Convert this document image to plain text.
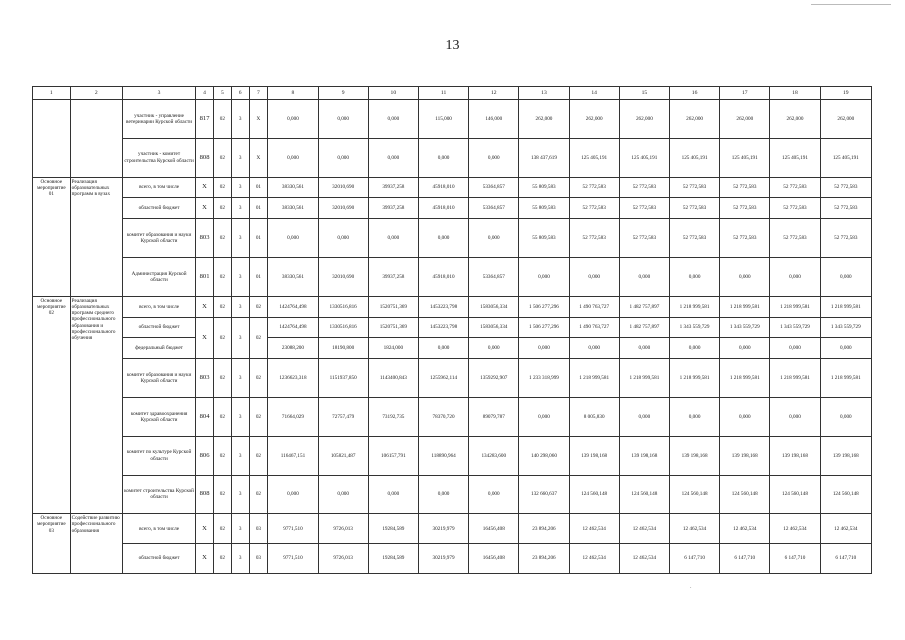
13
1	2	3	4	5	6	7	8	9	10	11	12	13	14	15	16	17	18	19
		участник - управление ветеринарии Курской области	817	02	3	Х	0,000	0,000	0,000	115,000	146,000	262,000	262,000	262,000	262,000	262,000	262,000	262,000
		участник - комитет строительства Курской области	808	02	3	Х	0,000	0,000	0,000	0,000	0,000	138 437,619	125 405,191	125 405,191	125 405,191	125 405,191	125 405,191	125 405,191
Основное мероприятие 01	Реализация образовательных программ в вузах	всего, в том числе	Х	02	3	01	38330,561	32010,690	39937,258	45918,010	53364,857	55 809,583	52 772,583	52 772,583	52 772,583	52 772,583	52 772,583	52 772,583
		областной бюджет	Х	02	3	01	38330,561	32010,690	39937,258	45918,010	53364,857	55 809,583	52 772,583	52 772,583	52 772,583	52 772,583	52 772,583	52 772,583
		комитет образования и науки Курской области	803	02	3	01	0,000	0,000	0,000	0,000	0,000	55 809,583	52 772,583	52 772,583	52 772,583	52 772,583	52 772,583	52 772,583
		Администрация Курской области	801	02	3	01	38330,561	32010,690	39937,258	45918,010	53364,857	0,000	0,000	0,000	0,000	0,000	0,000	0,000
Основное мероприятие 02	Реализация образовательных программ среднего профессионального образования и профессионального обучения	всего, в том числе	Х	02	3	02	1424764,498	1330516,816	1520751,369	1453223,798	1583056,334	1 506 277,296	1 490 763,727	1 482 757,897	1 218 999,581	1 218 999,581	1 218 999,581	1 218 999,581
		областной бюджет	Х	02	3	02	1424764,498	1330516,816	1520751,369	1453223,798	1583056,334	1 506 277,296	1 490 763,727	1 482 757,897	1 343 559,729	1 343 559,729	1 343 559,729	1 343 559,729
		федеральный бюджет					23088,200	18190,800	1824,000	0,000	0,000	0,000	0,000	0,000	0,000	0,000	0,000	0,000
		комитет образования и науки Курской области	803	02	3	02	1236623,318	1151937,850	1143400,843	1255962,114	1359292,907	1 233 318,999	1 218 999,581	1 218 999,581	1 218 999,581	1 218 999,581	1 218 999,581	1 218 999,581
		комитет здравоохранения Курской области	804	02	3	02	71664,029	72757,479	73192,735	78370,720	89079,787	0,000	8 005,830	0,000	0,000	0,000	0,000	0,000
		комитет по культуре Курской области	806	02	3	02	116467,151	105821,487	106157,791	118890,964	134283,600	140 298,060	139 198,168	139 198,168	139 198,168	139 198,168	139 198,168	139 198,168
		комитет строительства Курской области	808	02	3	02	0,000	0,000	0,000	0,000	0,000	132 660,637	124 560,148	124 560,148	124 560,148	124 560,148	124 560,148	124 560,148
Основное мероприятие 03	Содействие развитию профессионального образования	всего, в том числе	Х	02	3	03	9771,510	9726,013	19284,589	30219,979	16456,408	23 894,206	12 462,534	12 462,534	12 462,534	12 462,534	12 462,534	12 462,534
		областной бюджет	Х	02	3	03	9771,510	9726,013	19284,589	30219,979	16456,408	23 894,206	12 462,534	12 462,534	6 147,710	6 147,710	6 147,710	6 147,710
.
